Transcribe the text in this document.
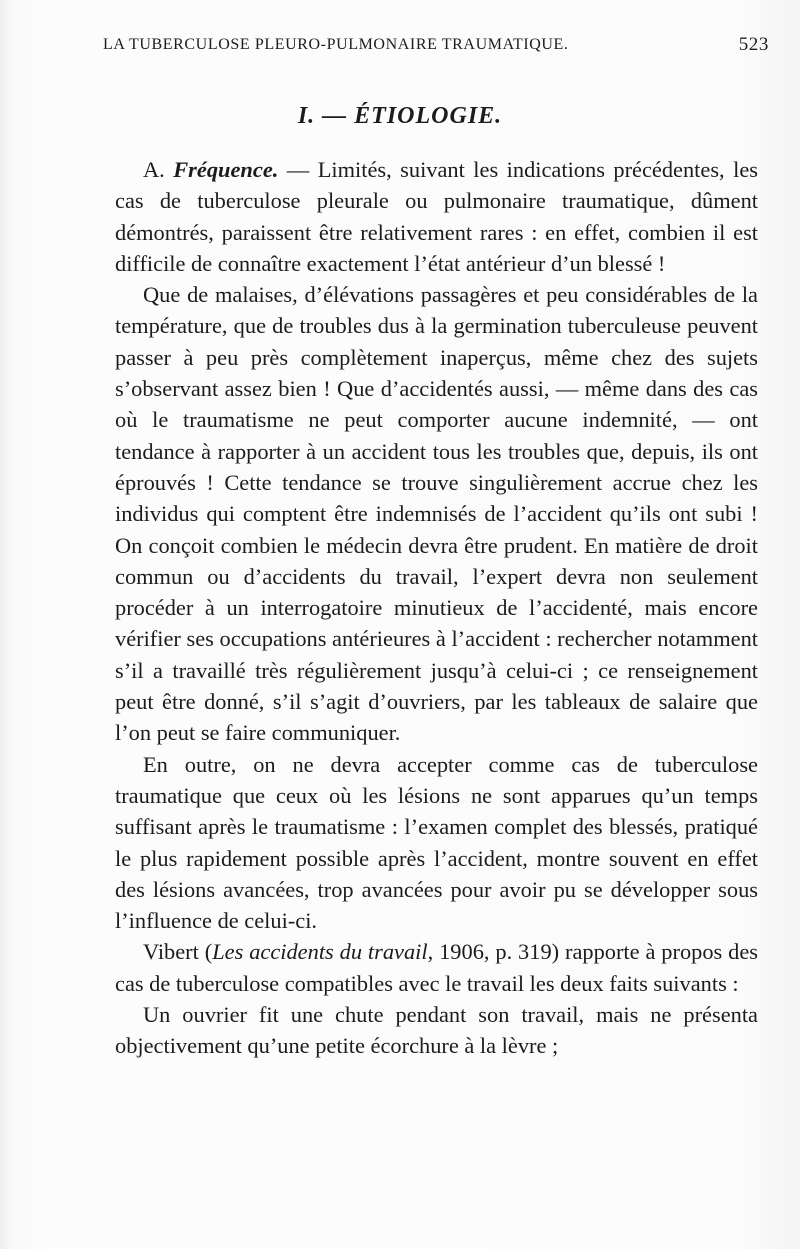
LA TUBERCULOSE PLEURO-PULMONAIRE TRAUMATIQUE.	523
I. — ÉTIOLOGIE.

A. Fréquence. — Limités, suivant les indications précédentes, les cas de tuberculose pleurale ou pulmonaire traumatique, dûment démontrés, paraissent être relativement rares : en effet, combien il est difficile de connaître exactement l’état antérieur d’un blessé !

Que de malaises, d’élévations passagères et peu considérables de la température, que de troubles dus à la germination tuberculeuse peuvent passer à peu près complètement inaperçus, même chez des sujets s’observant assez bien ! Que d’accidentés aussi, — même dans des cas où le traumatisme ne peut comporter aucune indemnité, — ont tendance à rapporter à un accident tous les troubles que, depuis, ils ont éprouvés ! Cette tendance se trouve singulièrement accrue chez les individus qui comptent être indemnisés de l’accident qu’ils ont subi ! On conçoit combien le médecin devra être prudent. En matière de droit commun ou d’accidents du travail, l’expert devra non seulement procéder à un interrogatoire minutieux de l’accidenté, mais encore vérifier ses occupations antérieures à l’accident : rechercher notamment s’il a travaillé très régulièrement jusqu’à celui-ci ; ce renseignement peut être donné, s’il s’agit d’ouvriers, par les tableaux de salaire que l’on peut se faire communiquer.

En outre, on ne devra accepter comme cas de tuberculose traumatique que ceux où les lésions ne sont apparues qu’un temps suffisant après le traumatisme : l’examen complet des blessés, pratiqué le plus rapidement possible après l’accident, montre souvent en effet des lésions avancées, trop avancées pour avoir pu se développer sous l’influence de celui-ci.

Vibert (Les accidents du travail, 1906, p. 319) rapporte à propos des cas de tuberculose compatibles avec le travail les deux faits suivants :

Un ouvrier fit une chute pendant son travail, mais ne présenta objectivement qu’une petite écorchure à la lèvre ;
